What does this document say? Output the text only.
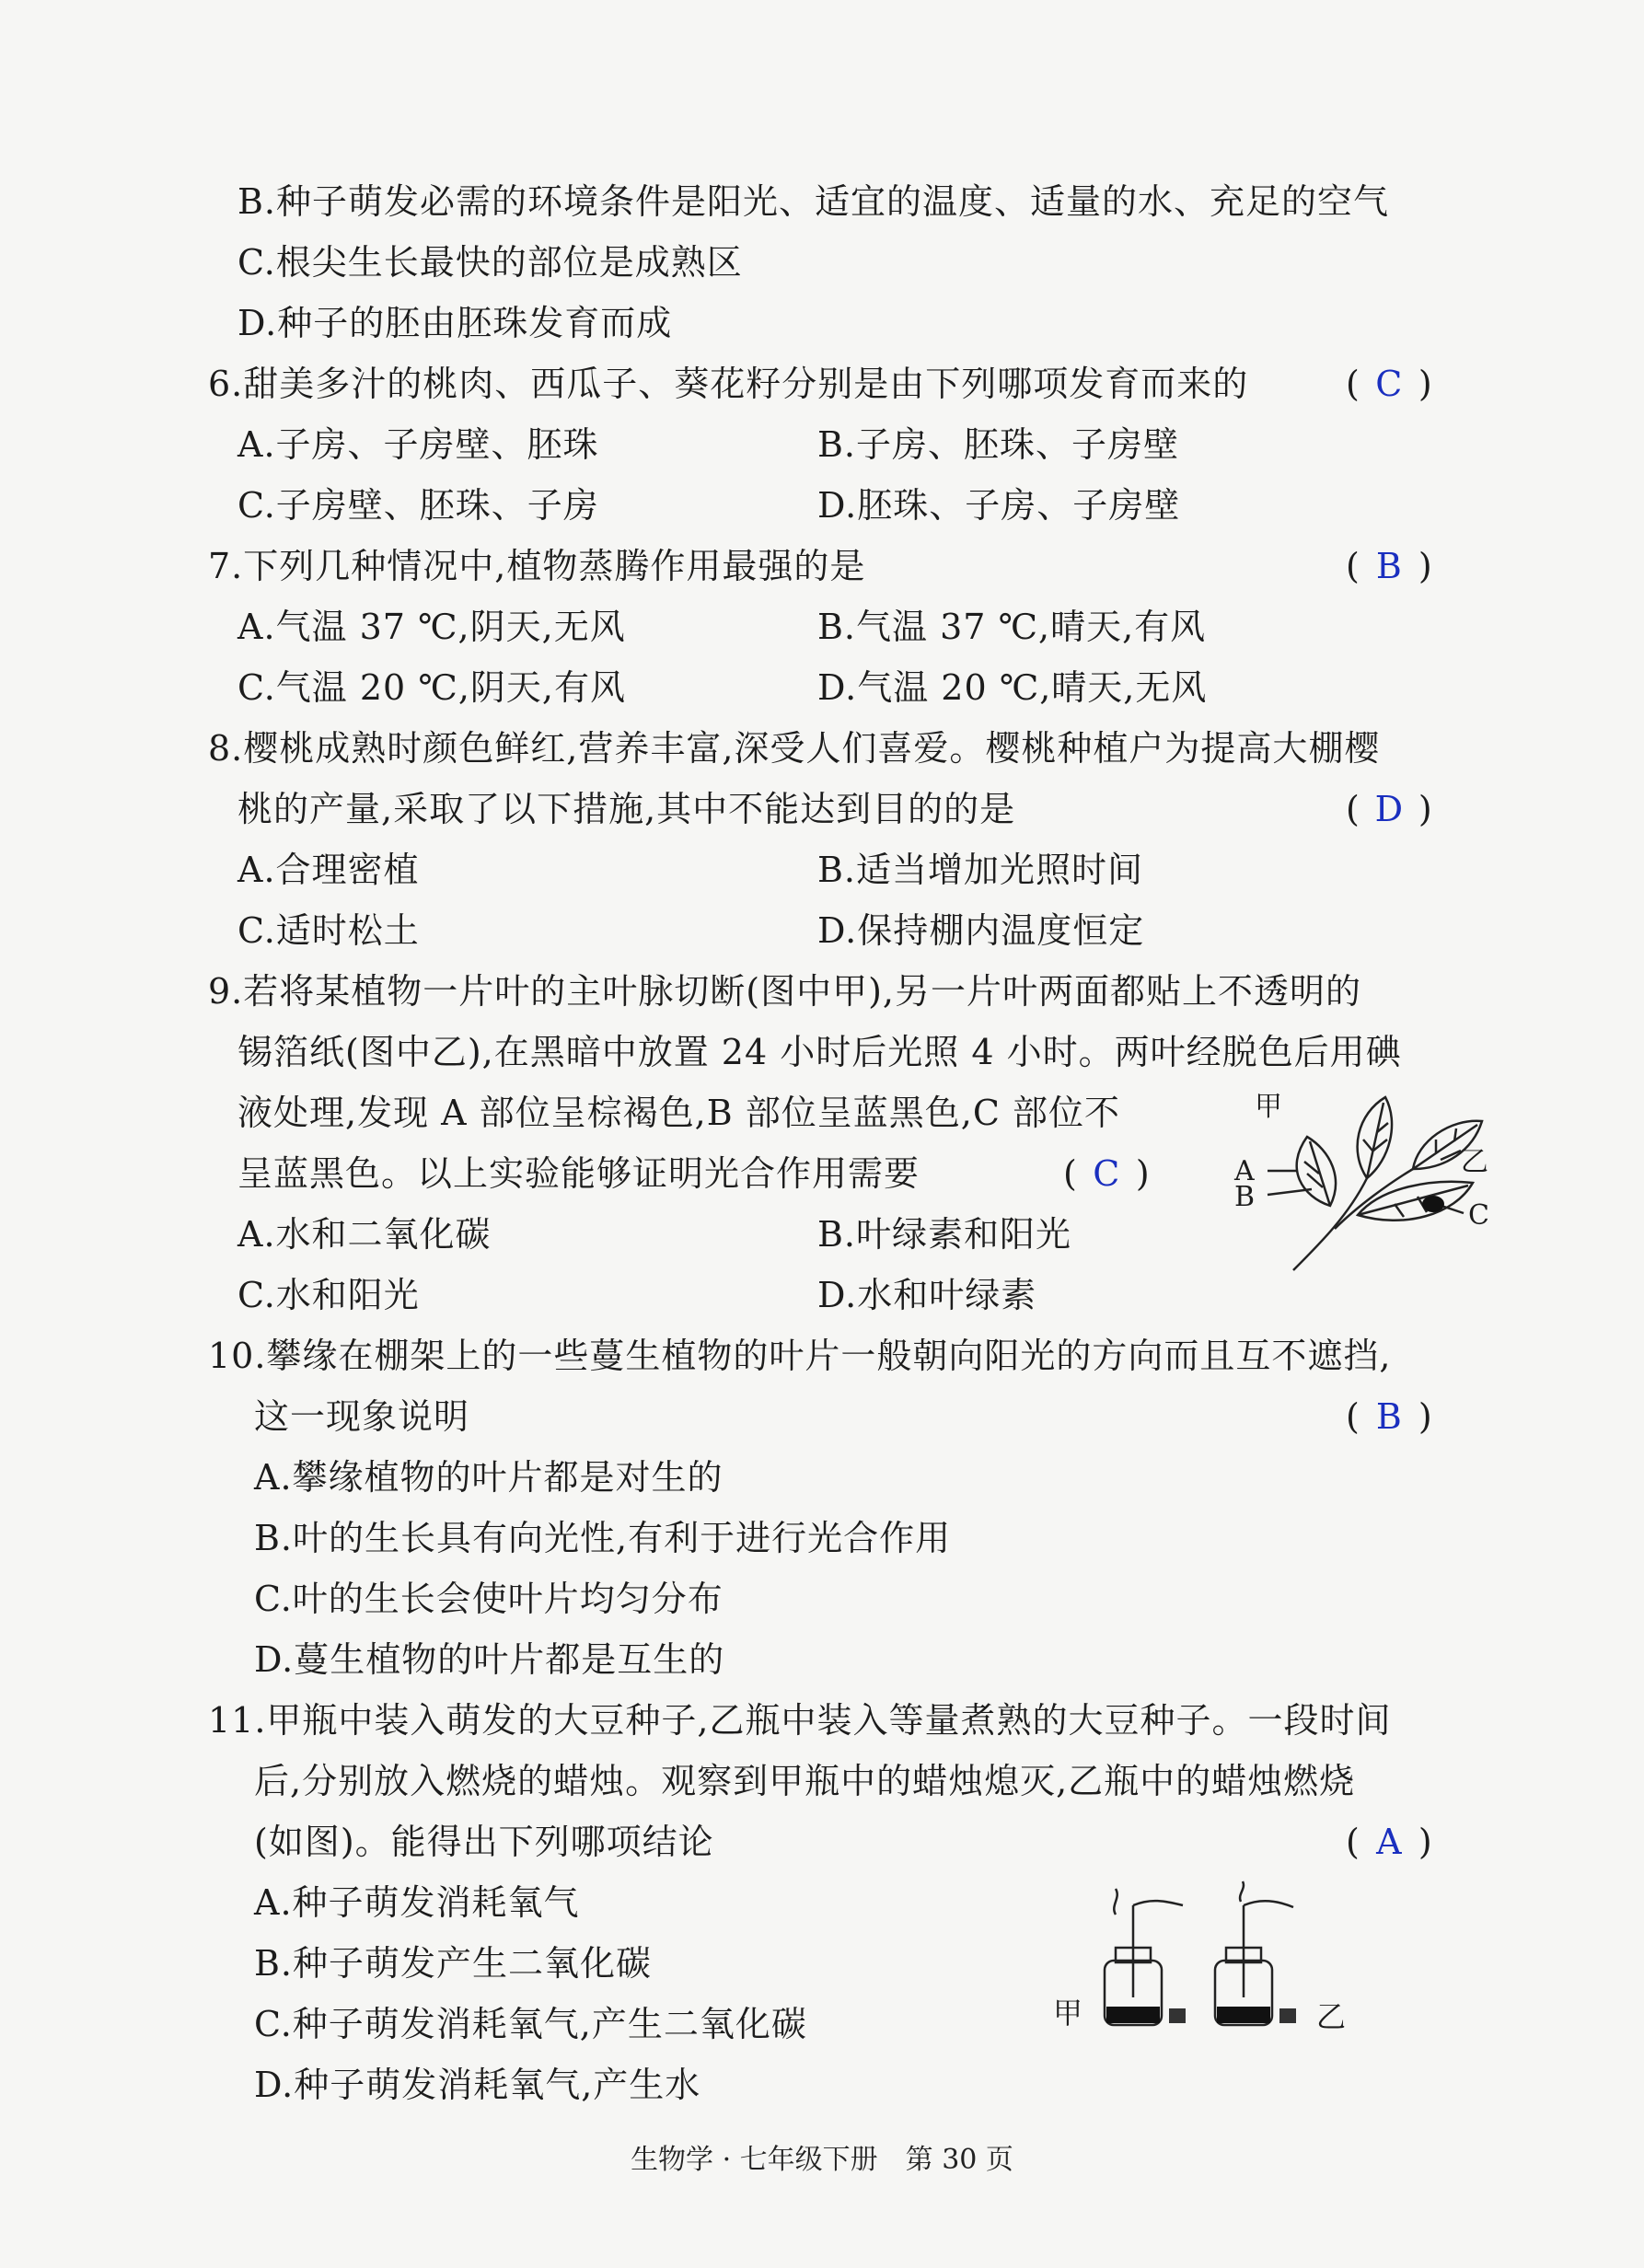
B.种子萌发必需的环境条件是阳光、适宜的温度、适量的水、充足的空气
C.根尖生长最快的部位是成熟区
D.种子的胚由胚珠发育而成
6.甜美多汁的桃肉、西瓜子、葵花籽分别是由下列哪项发育而来的	( C )
A.子房、子房壁、胚珠	B.子房、胚珠、子房壁
C.子房壁、胚珠、子房	D.胚珠、子房、子房壁
7.下列几种情况中,植物蒸腾作用最强的是	( B )
A.气温 37 ℃,阴天,无风	B.气温 37 ℃,晴天,有风
C.气温 20 ℃,阴天,有风	D.气温 20 ℃,晴天,无风
8.樱桃成熟时颜色鲜红,营养丰富,深受人们喜爱。樱桃种植户为提高大棚樱
桃的产量,采取了以下措施,其中不能达到目的的是	( D )
A.合理密植	B.适当增加光照时间
C.适时松土	D.保持棚内温度恒定
9.若将某植物一片叶的主叶脉切断(图中甲),另一片叶两面都贴上不透明的
锡箔纸(图中乙),在黑暗中放置 24 小时后光照 4 小时。两叶经脱色后用碘
液处理,发现 A 部位呈棕褐色,B 部位呈蓝黑色,C 部位不
呈蓝黑色。以上实验能够证明光合作用需要	( C )
A.水和二氧化碳	B.叶绿素和阳光
C.水和阳光	D.水和叶绿素
甲
A
B
乙
C
10.攀缘在棚架上的一些蔓生植物的叶片一般朝向阳光的方向而且互不遮挡,
这一现象说明	( B )
A.攀缘植物的叶片都是对生的
B.叶的生长具有向光性,有利于进行光合作用
C.叶的生长会使叶片均匀分布
D.蔓生植物的叶片都是互生的
11.甲瓶中装入萌发的大豆种子,乙瓶中装入等量煮熟的大豆种子。一段时间
后,分别放入燃烧的蜡烛。观察到甲瓶中的蜡烛熄灭,乙瓶中的蜡烛燃烧
(如图)。能得出下列哪项结论	( A )
A.种子萌发消耗氧气
B.种子萌发产生二氧化碳
C.种子萌发消耗氧气,产生二氧化碳
D.种子萌发消耗氧气,产生水
甲	乙
生物学 · 七年级下册　第 30 页
